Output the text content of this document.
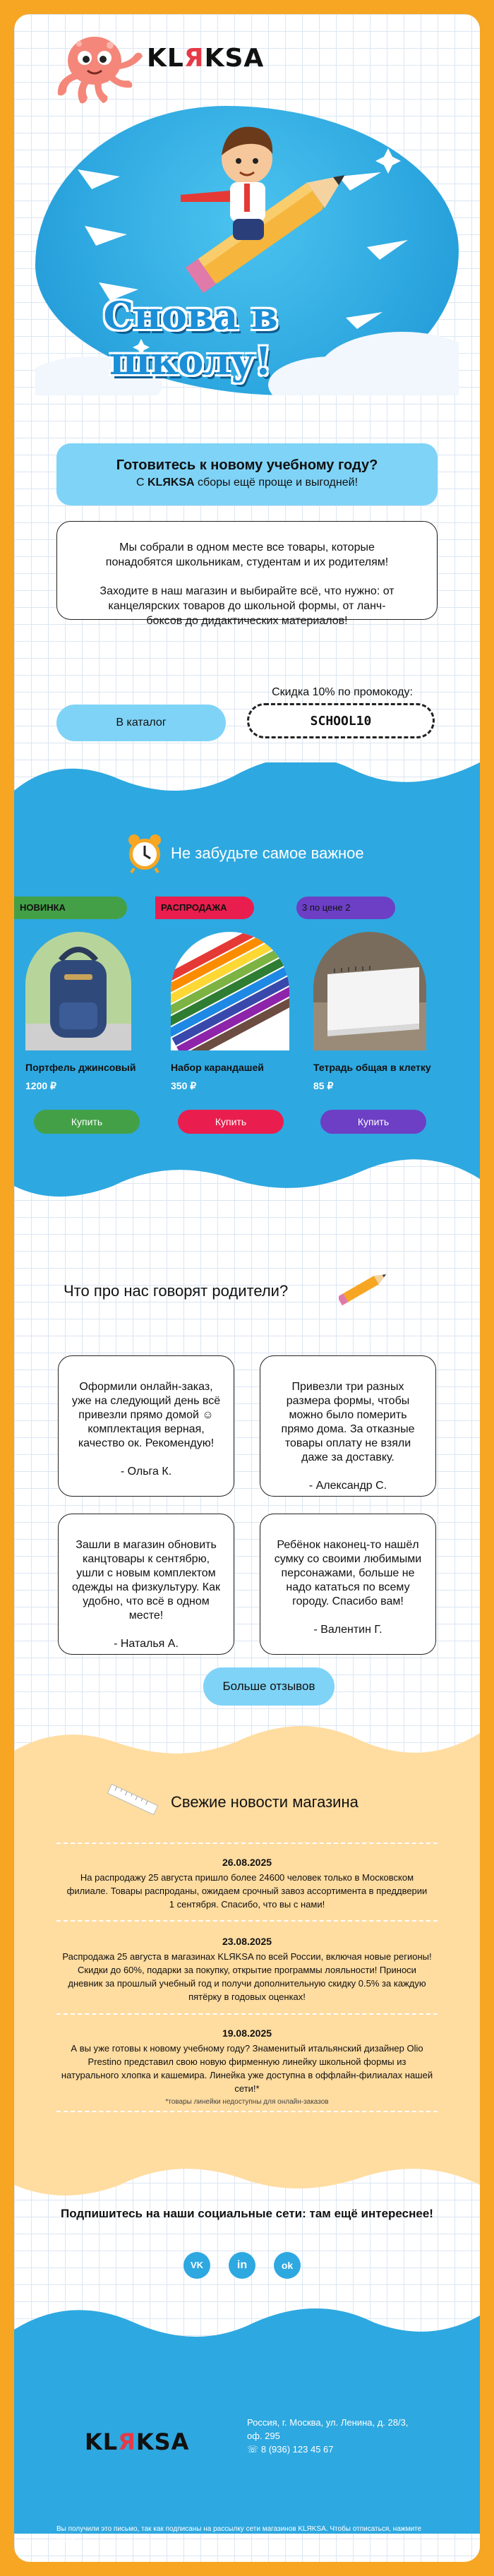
KLЯKSA
Снова в
школу!
Готовитесь к новому учебному году?
С KLЯKSA сборы ещё проще и выгодней!

Мы собрали в одном месте все товары, которые понадобятся школьникам, студентам и их родителям!

Заходите в наш магазин и выбирайте всё, что нужно: от канцелярских товаров до школьной формы, от ланч-боксов до дидактических материалов!

В каталог
Скидка 10% по промокоду:
SCHOOL10
Не забудьте самое важное
НОВИНКА
Портфель джинсовый
1200 ₽
Купить
РАСПРОДАЖА
Набор карандашей
350 ₽
Купить
3 по цене 2
Тетрадь общая в клетку
85 ₽
Купить
Что про нас говорят родители?

Оформили онлайн-заказ, уже на следующий день всё привезли прямо домой ☺ комплектация верная, качество ок. Рекомендую!

- Ольга К.

Привезли три разных размера формы, чтобы можно было померить прямо дома. За отказные товары оплату не взяли даже за доставку.

- Александр С.

Зашли в магазин обновить канцтовары к сентябрю, ушли с новым комплектом одежды на физкультуру. Как удобно, что всё в одном месте!

- Наталья А.

Ребёнок наконец-то нашёл сумку со своими любимыми персонажами, больше не надо кататься по всему городу. Спасибо вам!

- Валентин Г.

Больше отзывов
Свежие новости магазина
26.08.2025
На распродажу 25 августа пришло более 24600 человек только в Московском филиале. Товары распроданы, ожидаем срочный завоз ассортимента в преддверии 1 сентября. Спасибо, что вы с нами!
23.08.2025
Распродажа 25 августа в магазинах KLЯKSA по всей России, включая новые регионы! Скидки до 60%, подарки за покупку, открытие программы лояльности! Приноси дневник за прошлый учебный год и получи дополнительную скидку 0.5% за каждую пятёрку в годовых оценках!
19.08.2025
А вы уже готовы к новому учебному году? Знаменитый итальянский дизайнер Olio Prestino представил свою новую фирменную линейку школьной формы из натурального хлопка и кашемира. Линейка уже доступна в оффлайн-филиалах нашей сети!*
*товары линейки недоступны для онлайн-заказов
Подпишитесь на наши социальные сети: там ещё интереснее!
VK	in	ok
KLЯKSA
Россия, г. Москва, ул. Ленина, д. 28/3, оф. 295
☏ 8 (936) 123 45 67
Вы получили это письмо, так как подписаны на рассылку сети магазинов KLЯKSA. Чтобы отписаться, нажмите здесь
